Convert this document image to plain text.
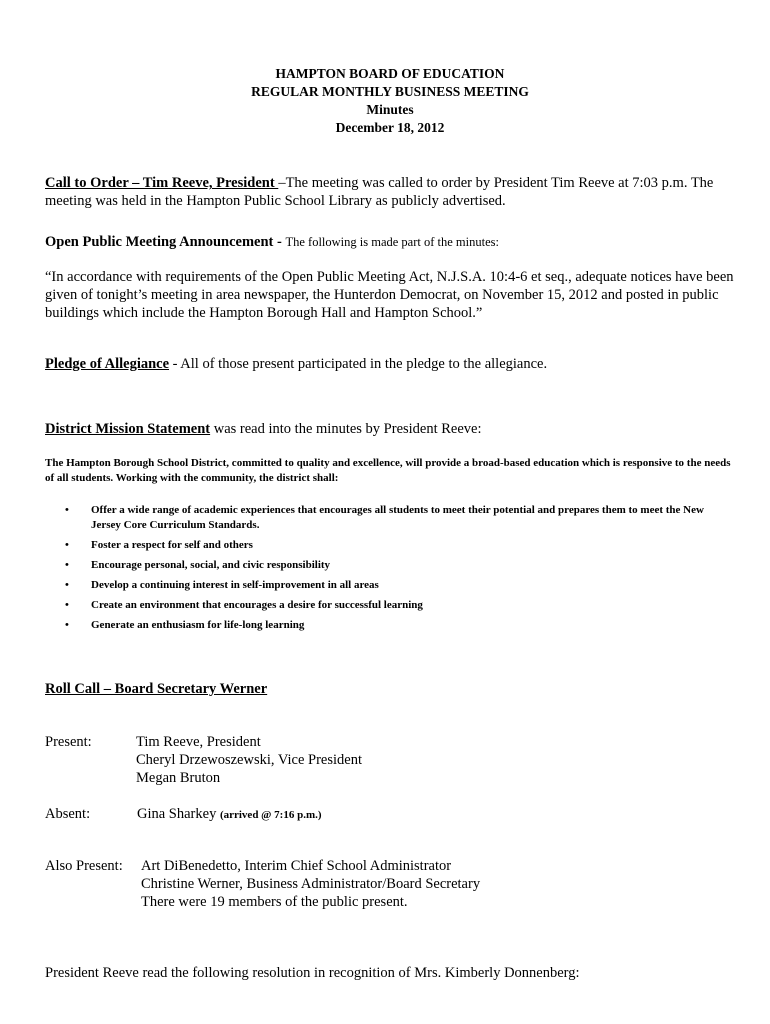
HAMPTON BOARD OF EDUCATION
REGULAR MONTHLY BUSINESS MEETING
Minutes
December 18, 2012
Call to Order – Tim Reeve, President –The meeting was called to order by President Tim Reeve at 7:03 p.m. The meeting was held in the Hampton Public School Library as publicly advertised.
Open Public Meeting Announcement - The following is made part of the minutes:
“In accordance with requirements of the Open Public Meeting Act, N.J.S.A. 10:4-6 et seq., adequate notices have been given of tonight’s meeting in area newspaper, the Hunterdon Democrat, on November 15, 2012 and posted in public buildings which include the Hampton Borough Hall and Hampton School.”
Pledge of Allegiance - All of those present participated in the pledge to the allegiance.
District Mission Statement was read into the minutes by President Reeve:
The Hampton Borough School District, committed to quality and excellence, will provide a broad-based education which is responsive to the needs of all students. Working with the community, the district shall:
• Offer a wide range of academic experiences that encourages all students to meet their potential and prepares them to meet the New Jersey Core Curriculum Standards.
• Foster a respect for self and others
• Encourage personal, social, and civic responsibility
• Develop a continuing interest in self-improvement in all areas
• Create an environment that encourages a desire for successful learning
• Generate an enthusiasm for life-long learning
Roll Call – Board Secretary Werner
Present:	Tim Reeve, President
Cheryl Drzewoszewski, Vice President
Megan Bruton
Absent:	Gina Sharkey (arrived @ 7:16 p.m.)
Also Present: Art DiBenedetto, Interim Chief School Administrator
Christine Werner, Business Administrator/Board Secretary
There were 19 members of the public present.
President Reeve read the following resolution in recognition of Mrs. Kimberly Donnenberg:
